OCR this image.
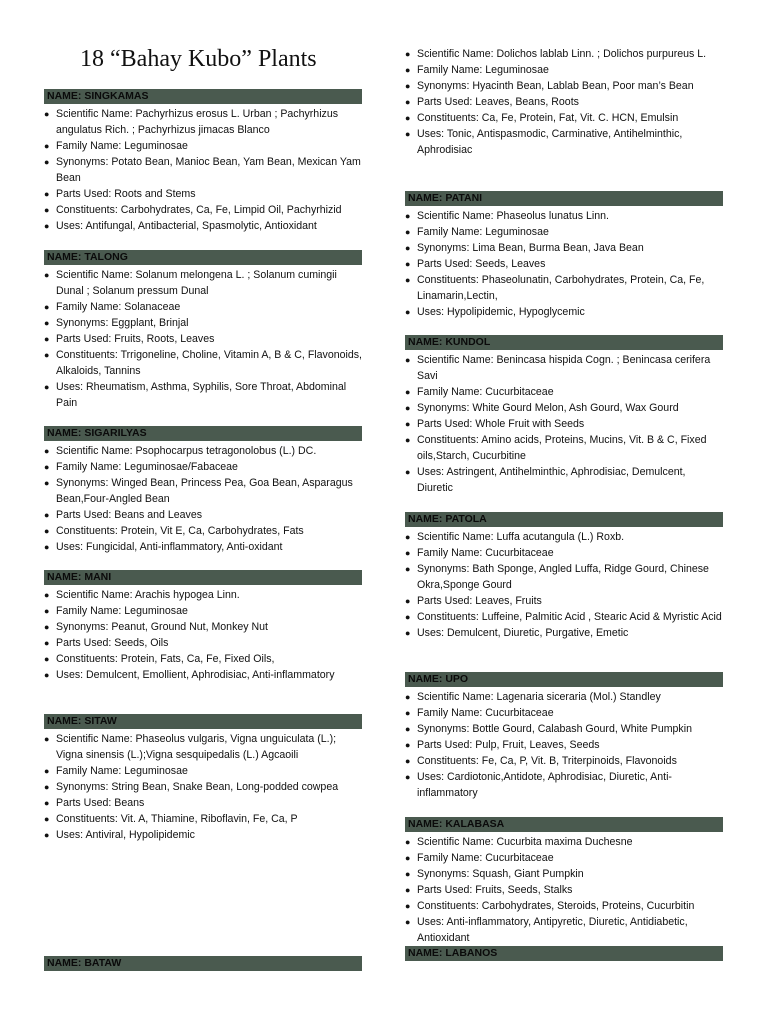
18 “Bahay Kubo” Plants
NAME: SINGKAMAS
● Scientific Name: Pachyrhizus erosus L. Urban ; Pachyrhizus angulatus Rich. ; Pachyrhizus jimacas Blanco
● Family Name: Leguminosae
● Synonyms: Potato Bean, Manioc Bean, Yam Bean, Mexican Yam Bean
● Parts Used: Roots and Stems
● Constituents: Carbohydrates, Ca, Fe, Limpid Oil, Pachyrhizid
● Uses: Antifungal, Antibacterial, Spasmolytic, Antioxidant
NAME: TALONG
● Scientific Name: Solanum melongena L. ; Solanum cumingii Dunal ; Solanum pressum Dunal
● Family Name: Solanaceae
● Synonyms: Eggplant, Brinjal
● Parts Used: Fruits, Roots, Leaves
● Constituents: Trrigoneline, Choline, Vitamin A, B & C, Flavonoids, Alkaloids, Tannins
● Uses: Rheumatism, Asthma, Syphilis, Sore Throat, Abdominal Pain
NAME: SIGARILYAS
● Scientific Name: Psophocarpus tetragonolobus (L.) DC.
● Family Name: Leguminosae/Fabaceae
● Synonyms: Winged Bean, Princess Pea, Goa Bean, Asparagus Bean,Four-Angled Bean
● Parts Used: Beans and Leaves
● Constituents: Protein, Vit E, Ca, Carbohydrates, Fats
● Uses: Fungicidal, Anti-inflammatory, Anti-oxidant
NAME: MANI
● Scientific Name: Arachis hypogea Linn.
● Family Name: Leguminosae
● Synonyms: Peanut, Ground Nut, Monkey Nut
● Parts Used: Seeds, Oils
● Constituents: Protein, Fats, Ca, Fe, Fixed Oils,
● Uses: Demulcent, Emollient, Aphrodisiac, Anti-inflammatory
NAME: SITAW
● Scientific Name: Phaseolus vulgaris, Vigna unguiculata (L.); Vigna sinensis (L.);Vigna sesquipedalis (L.) Agcaoili
● Family Name: Leguminosae
● Synonyms: String Bean, Snake Bean, Long-podded cowpea
● Parts Used: Beans
● Constituents: Vit. A, Thiamine, Riboflavin, Fe, Ca, P
● Uses: Antiviral, Hypolipidemic
NAME: BATAW
● Scientific Name: Dolichos lablab Linn. ; Dolichos purpureus L.
● Family Name: Leguminosae
● Synonyms: Hyacinth Bean, Lablab Bean, Poor man’s Bean
● Parts Used: Leaves, Beans, Roots
● Constituents: Ca, Fe, Protein, Fat, Vit. C. HCN, Emulsin
● Uses: Tonic, Antispasmodic, Carminative, Antihelminthic, Aphrodisiac
NAME: PATANI
● Scientific Name: Phaseolus lunatus Linn.
● Family Name: Leguminosae
● Synonyms: Lima Bean, Burma Bean, Java Bean
● Parts Used: Seeds, Leaves
● Constituents: Phaseolunatin, Carbohydrates, Protein, Ca, Fe, Linamarin,Lectin,
● Uses: Hypolipidemic, Hypoglycemic
NAME: KUNDOL
● Scientific Name: Benincasa hispida Cogn. ; Benincasa cerifera Savi
● Family Name: Cucurbitaceae
● Synonyms: White Gourd Melon, Ash Gourd, Wax Gourd
● Parts Used: Whole Fruit with Seeds
● Constituents: Amino acids, Proteins, Mucins, Vit. B & C, Fixed oils,Starch, Cucurbitine
● Uses: Astringent, Antihelminthic, Aphrodisiac, Demulcent, Diuretic
NAME: PATOLA
● Scientific Name: Luffa acutangula (L.) Roxb.
● Family Name: Cucurbitaceae
● Synonyms: Bath Sponge, Angled Luffa, Ridge Gourd, Chinese Okra,Sponge Gourd
● Parts Used: Leaves, Fruits
● Constituents: Luffeine, Palmitic Acid , Stearic Acid & Myristic Acid
● Uses: Demulcent, Diuretic, Purgative, Emetic
NAME: UPO
● Scientific Name: Lagenaria siceraria (Mol.) Standley
● Family Name: Cucurbitaceae
● Synonyms: Bottle Gourd, Calabash Gourd, White Pumpkin
● Parts Used: Pulp, Fruit, Leaves, Seeds
● Constituents: Fe, Ca, P, Vit. B, Triterpinoids, Flavonoids
● Uses: Cardiotonic,Antidote, Aphrodisiac, Diuretic, Anti-inflammatory
NAME: KALABASA
● Scientific Name: Cucurbita maxima Duchesne
● Family Name: Cucurbitaceae
● Synonyms: Squash, Giant Pumpkin
● Parts Used: Fruits, Seeds, Stalks
● Constituents: Carbohydrates, Steroids, Proteins, Cucurbitin
● Uses: Anti-inflammatory, Antipyretic, Diuretic, Antidiabetic, Antioxidant
NAME: LABANOS
